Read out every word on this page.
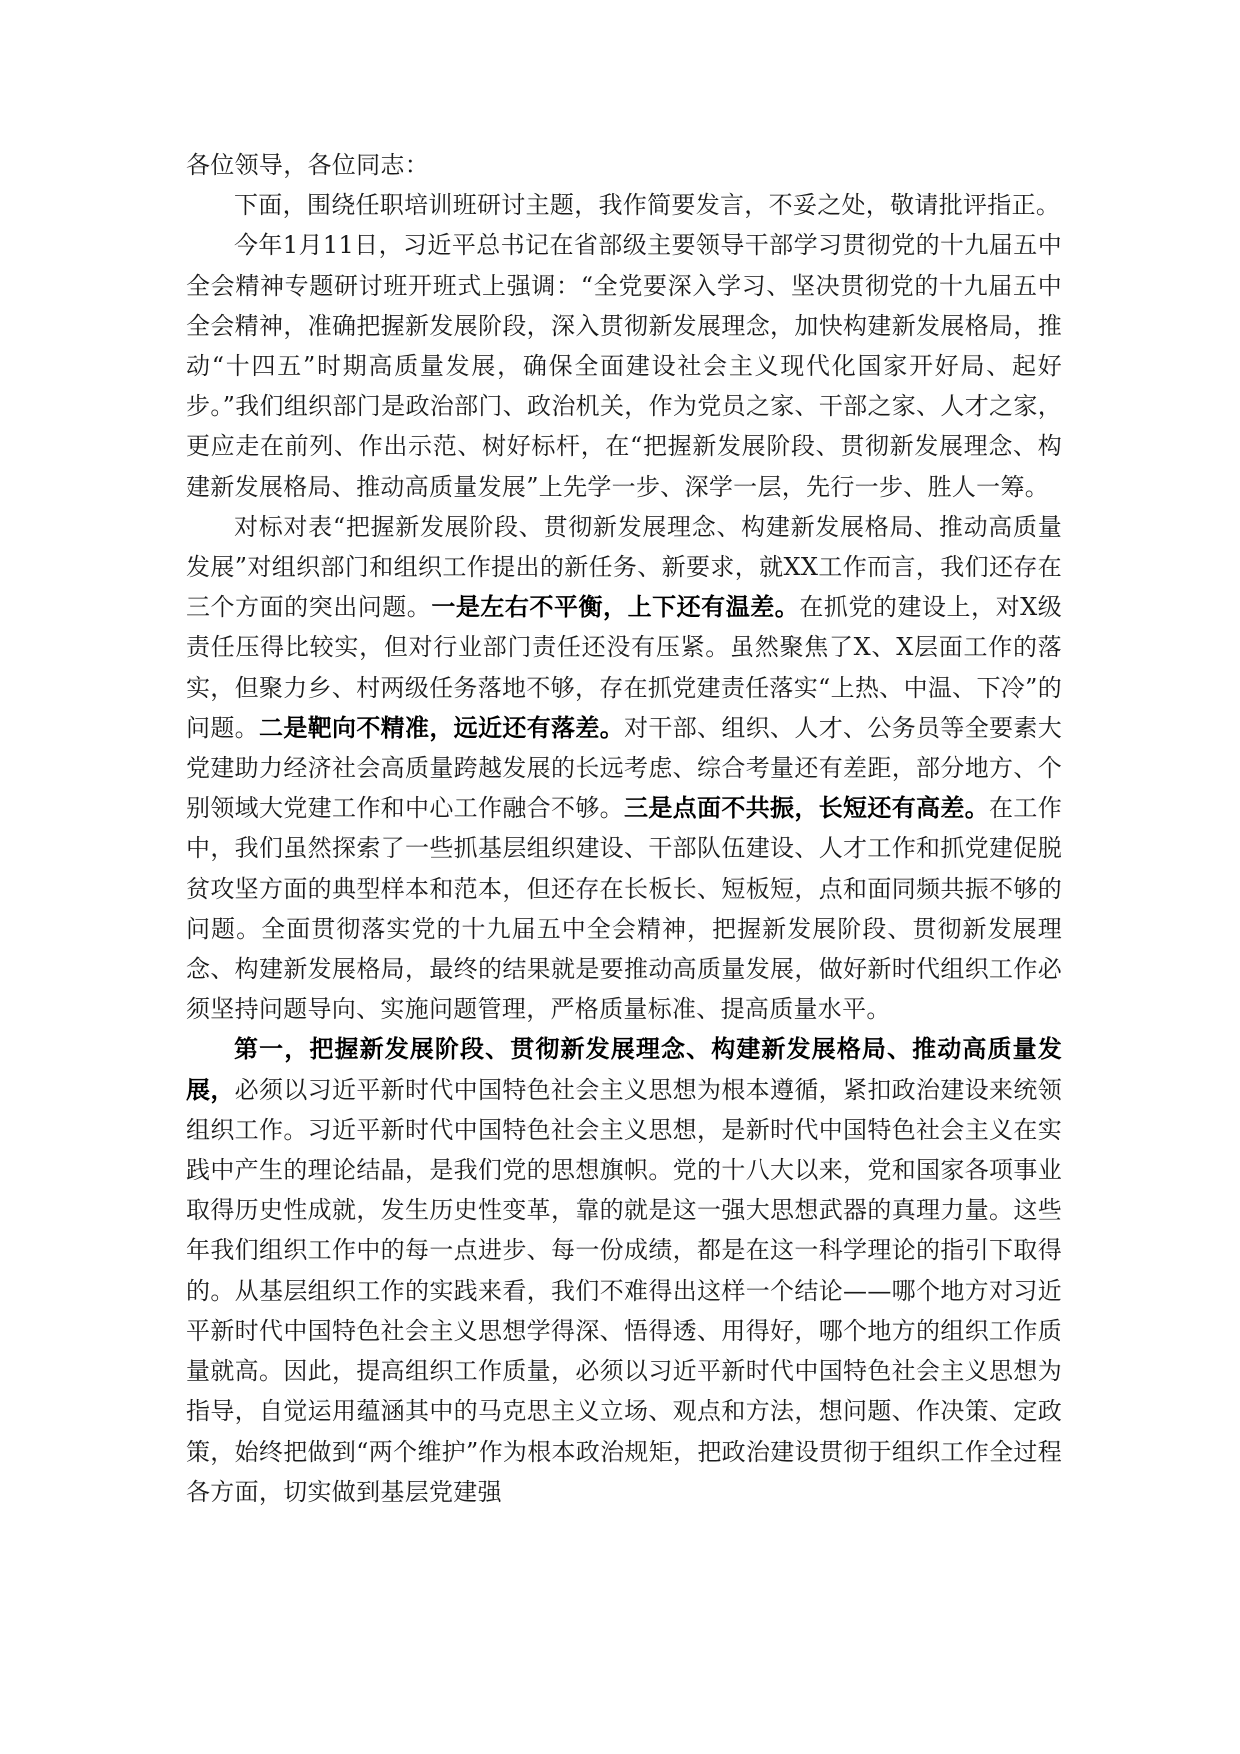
各位领导，各位同志：

下面，围绕任职培训班研讨主题，我作简要发言，不妥之处，敬请批评指正。

今年1月11日，习近平总书记在省部级主要领导干部学习贯彻党的十九届五中全会精神专题研讨班开班式上强调：“全党要深入学习、坚决贯彻党的十九届五中全会精神，准确把握新发展阶段，深入贯彻新发展理念，加快构建新发展格局，推动“十四五”时期高质量发展，确保全面建设社会主义现代化国家开好局、起好步。”我们组织部门是政治部门、政治机关，作为党员之家、干部之家、人才之家，更应走在前列、作出示范、树好标杆，在“把握新发展阶段、贯彻新发展理念、构建新发展格局、推动高质量发展”上先学一步、深学一层，先行一步、胜人一筹。

对标对表“把握新发展阶段、贯彻新发展理念、构建新发展格局、推动高质量发展”对组织部门和组织工作提出的新任务、新要求，就XX工作而言，我们还存在三个方面的突出问题。一是左右不平衡，上下还有温差。在抓党的建设上，对X级责任压得比较实，但对行业部门责任还没有压紧。虽然聚焦了X、X层面工作的落实，但聚力乡、村两级任务落地不够，存在抓党建责任落实“上热、中温、下冷”的问题。二是靶向不精准，远近还有落差。对干部、组织、人才、公务员等全要素大党建助力经济社会高质量跨越发展的长远考虑、综合考量还有差距，部分地方、个别领域大党建工作和中心工作融合不够。三是点面不共振，长短还有高差。在工作中，我们虽然探索了一些抓基层组织建设、干部队伍建设、人才工作和抓党建促脱贫攻坚方面的典型样本和范本，但还存在长板长、短板短，点和面同频共振不够的问题。全面贯彻落实党的十九届五中全会精神，把握新发展阶段、贯彻新发展理念、构建新发展格局，最终的结果就是要推动高质量发展，做好新时代组织工作必须坚持问题导向、实施问题管理，严格质量标准、提高质量水平。

第一，把握新发展阶段、贯彻新发展理念、构建新发展格局、推动高质量发展，必须以习近平新时代中国特色社会主义思想为根本遵循，紧扣政治建设来统领组织工作。习近平新时代中国特色社会主义思想，是新时代中国特色社会主义在实践中产生的理论结晶，是我们党的思想旗帜。党的十八大以来，党和国家各项事业取得历史性成就，发生历史性变革，靠的就是这一强大思想武器的真理力量。这些年我们组织工作中的每一点进步、每一份成绩，都是在这一科学理论的指引下取得的。从基层组织工作的实践来看，我们不难得出这样一个结论——哪个地方对习近平新时代中国特色社会主义思想学得深、悟得透、用得好，哪个地方的组织工作质量就高。因此，提高组织工作质量，必须以习近平新时代中国特色社会主义思想为指导，自觉运用蕴涵其中的马克思主义立场、观点和方法，想问题、作决策、定政策，始终把做到“两个维护”作为根本政治规矩，把政治建设贯彻于组织工作全过程各方面，切实做到基层党建强
